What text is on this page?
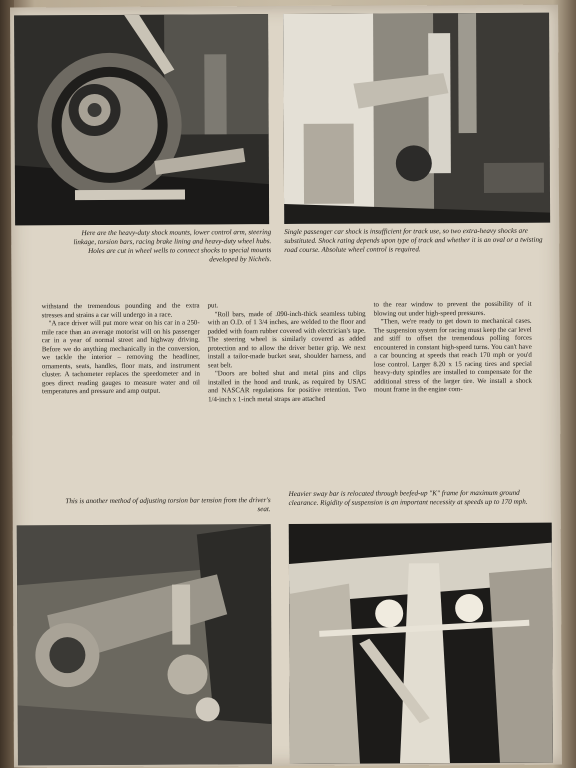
Here are the heavy-duty shock mounts, lower control arm, steering linkage, torsion bars, racing brake lining and heavy-duty wheel hubs. Holes are cut in wheel wells to connect shocks to special mounts developed by Nichels.
Single passenger car shock is insufficient for track use, so two extra-heavy shocks are substituted. Shock rating depends upon type of track and whether it is an oval or a twisting road course. Absolute wheel control is required.

withstand the tremendous pounding and the extra stresses and strains a car will undergo in a race.

"A race driver will put more wear on his car in a 250-mile race than an average motorist will on his passenger car in a year of normal street and highway driving. Before we do anything mechanically in the conversion, we tackle the interior – removing the headliner, ornaments, seats, handles, floor mats, and instrument cluster. A tachometer replaces the speedometer and in goes direct reading gauges to measure water and oil temperatures and pressure and amp output.

put.

"Roll bars, made of .090-inch-thick seamless tubing with an O.D. of 1 3/4 inches, are welded to the floor and padded with foam rubber covered with electrician's tape. The steering wheel is similarly covered as added protection and to allow the driver better grip. We next install a tailor-made bucket seat, shoulder harness, and seat belt.

"Doors are bolted shut and metal pins and clips installed in the hood and trunk, as required by USAC and NASCAR regulations for positive retention. Two 1/4-inch x 1-inch metal straps are attached

to the rear window to prevent the possibility of it blowing out under high-speed pressures.

"Then, we're ready to get down to mechanical cases. The suspension system for racing must keep the car level and stiff to offset the tremendous polling forces encountered in constant high-speed turns. You can't have a car bouncing at speeds that reach 170 mph or you'd lose control. Larger 8.20 x 15 racing tires and special heavy-duty spindles are installed to compensate for the additional stress of the larger tire. We install a shock mount frame in the engine com-

This is another method of adjusting torsion bar tension from the driver's seat.
Heavier sway bar is relocated through beefed-up "K" frame for maximum ground clearance. Rigidity of suspension is an important necessity at speeds up to 170 mph.
